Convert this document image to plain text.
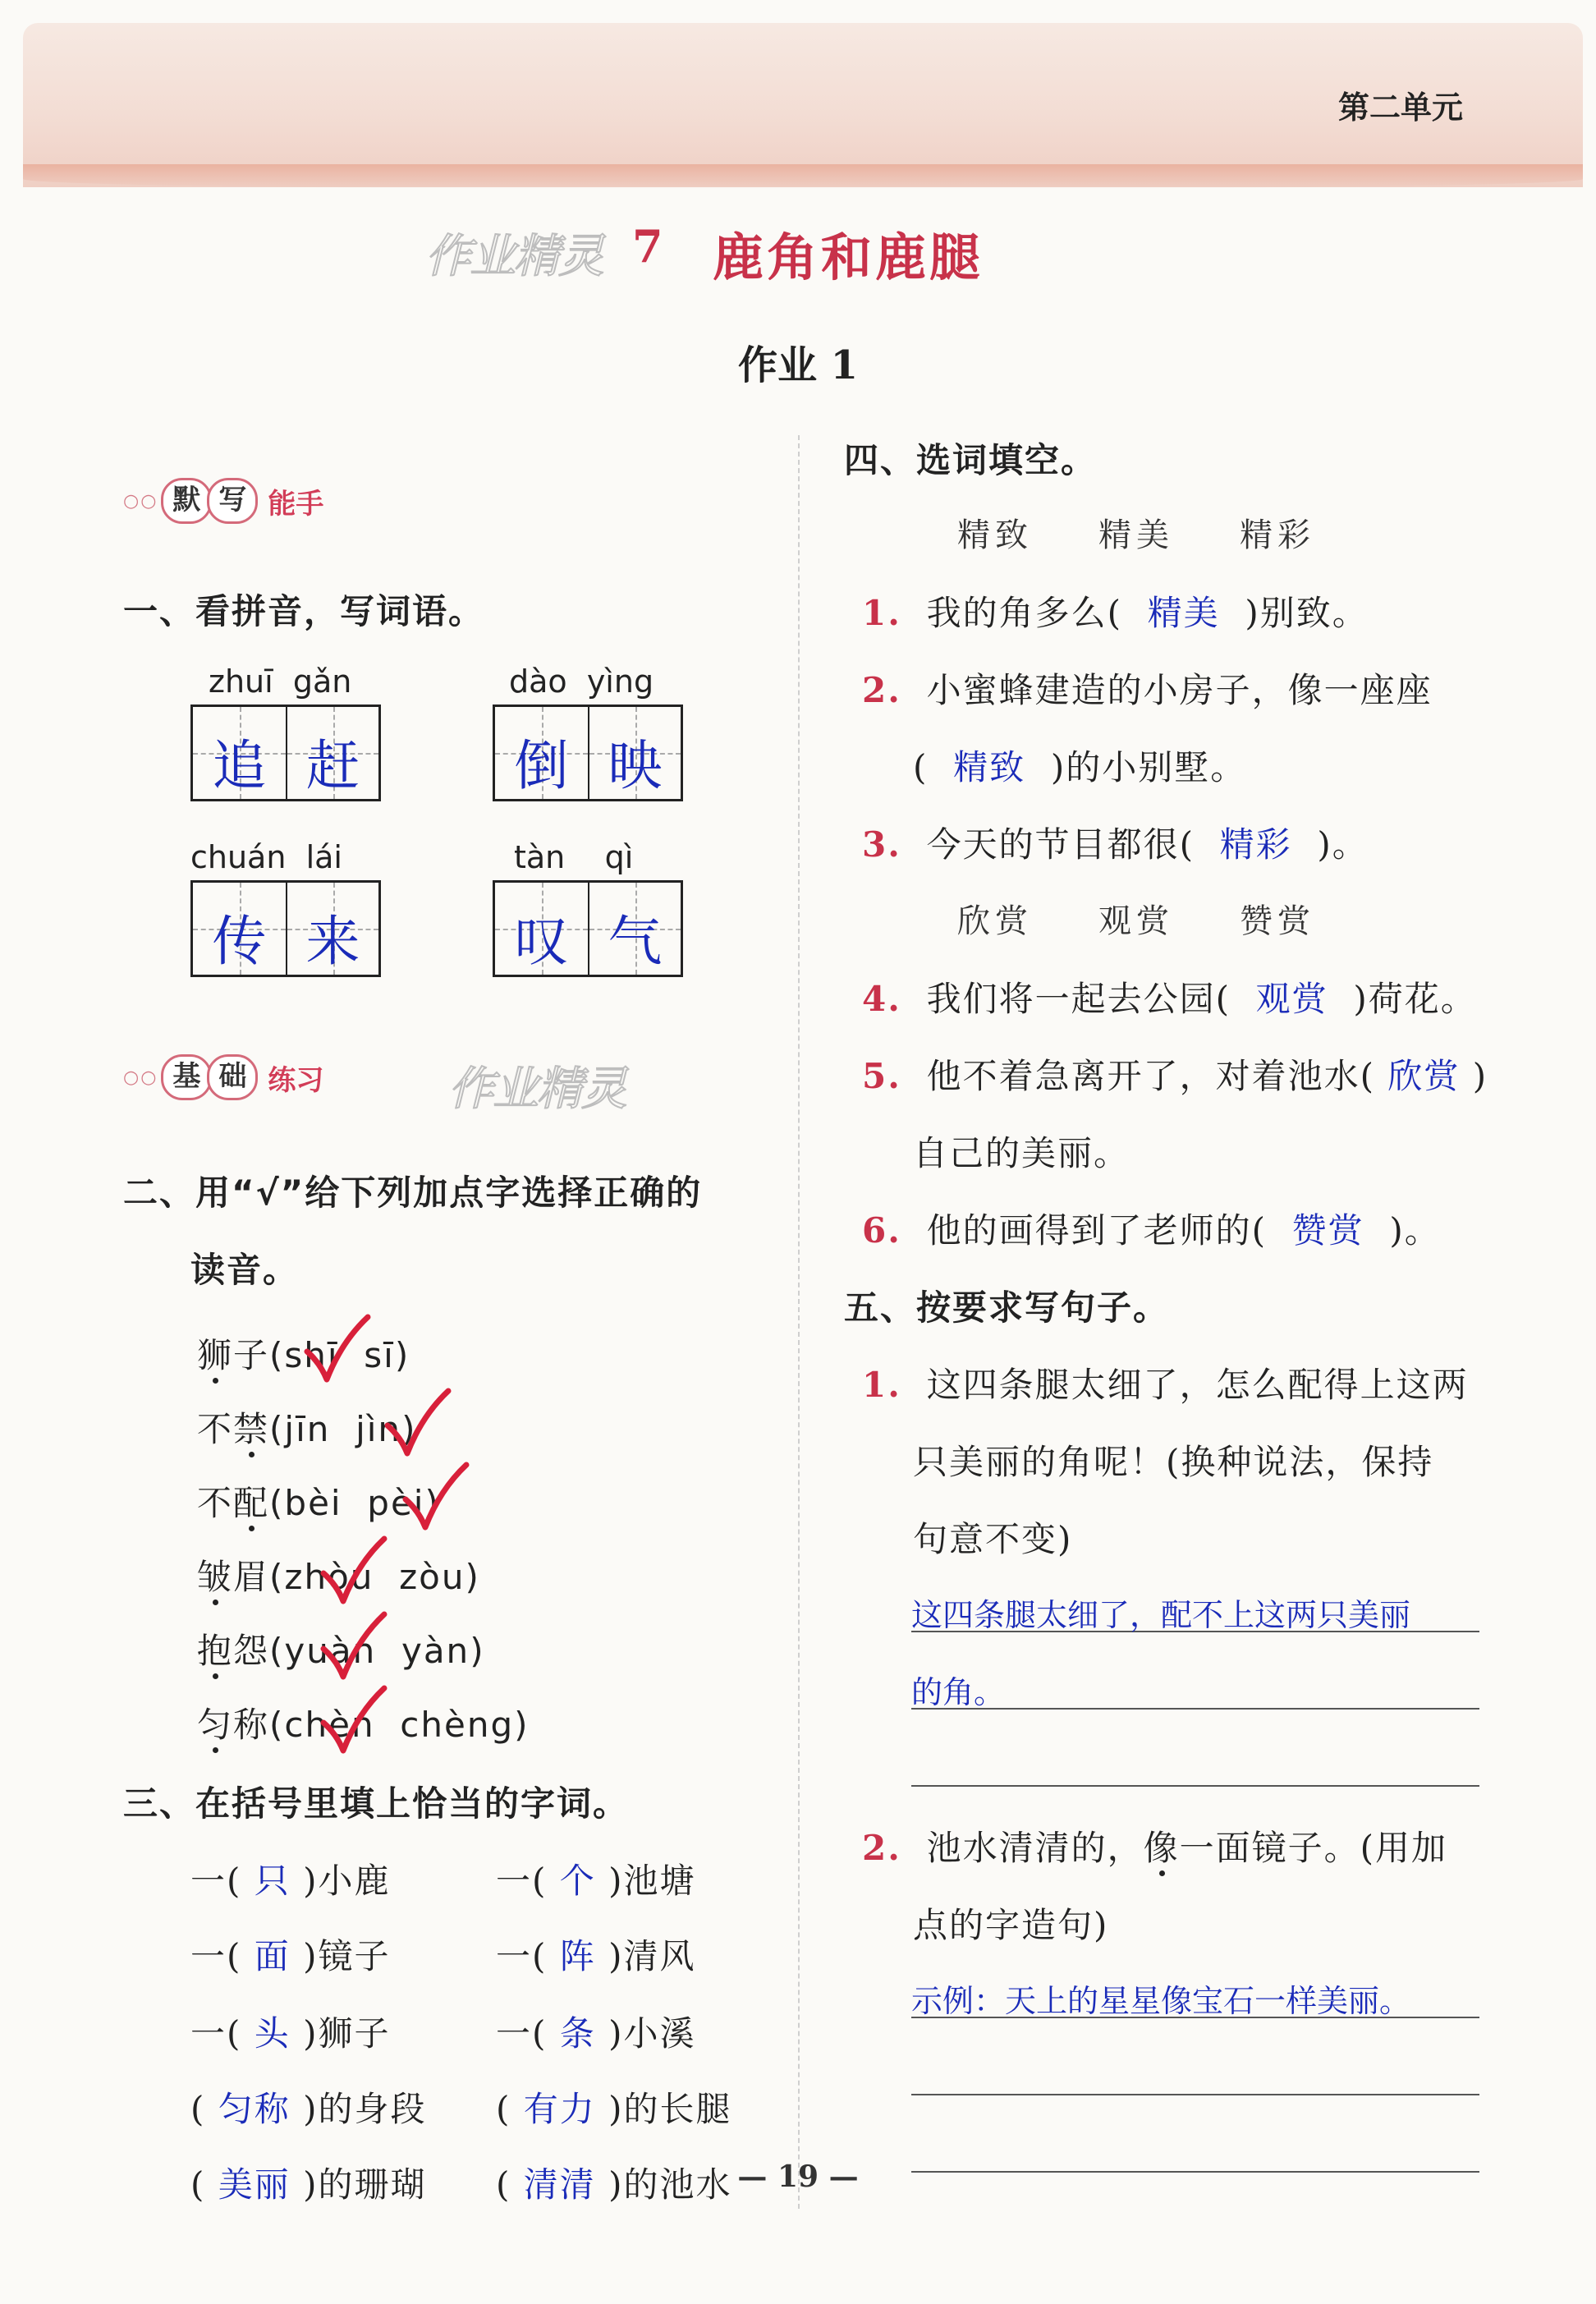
第二单元
作业精灵 7 鹿角和鹿腿
作业 1
○○ 默 写 能手
一、看拼音，写词语。
zhuī  gǎn
追 赶
dào  yìng
倒 映
chuán  lái
传 来
tàn    qì
叹 气
○○ 基 础 练习	作业精灵
二、用“√”给下列加点字选择正确的
读音。
狮子(shī sī)
不禁(jīn jìn)
不配(bèi pèi)
皱眉(zhòu zòu)
抱怨(yuàn yàn)
匀称(chèn chèng)
三、在括号里填上恰当的字词。
一( 只 )小鹿	一( 个 )池塘
一( 面 )镜子	一( 阵 )清风
一( 头 )狮子	一( 条 )小溪
( 匀称 )的身段 ( 有力 )的长腿
( 美丽 )的珊瑚 ( 清清 )的池水
四、选词填空。
精致 精美 精彩
1. 我的角多么( 精美 )别致。
2. 小蜜蜂建造的小房子，像一座座
( 精致 )的小别墅。
3. 今天的节目都很( 精彩 )。
欣赏 观赏 赞赏
4. 我们将一起去公园( 观赏 )荷花。
5. 他不着急离开了，对着池水( 欣赏 )
自己的美丽。
6. 他的画得到了老师的( 赞赏 )。
五、按要求写句子。
1. 这四条腿太细了，怎么配得上这两
只美丽的角呢！(换种说法，保持
句意不变)
这四条腿太细了，配不上这两只美丽
的角。
2. 池水清清的，像一面镜子。(用加
点的字造句)
示例：天上的星星像宝石一样美丽。
— 19 —
